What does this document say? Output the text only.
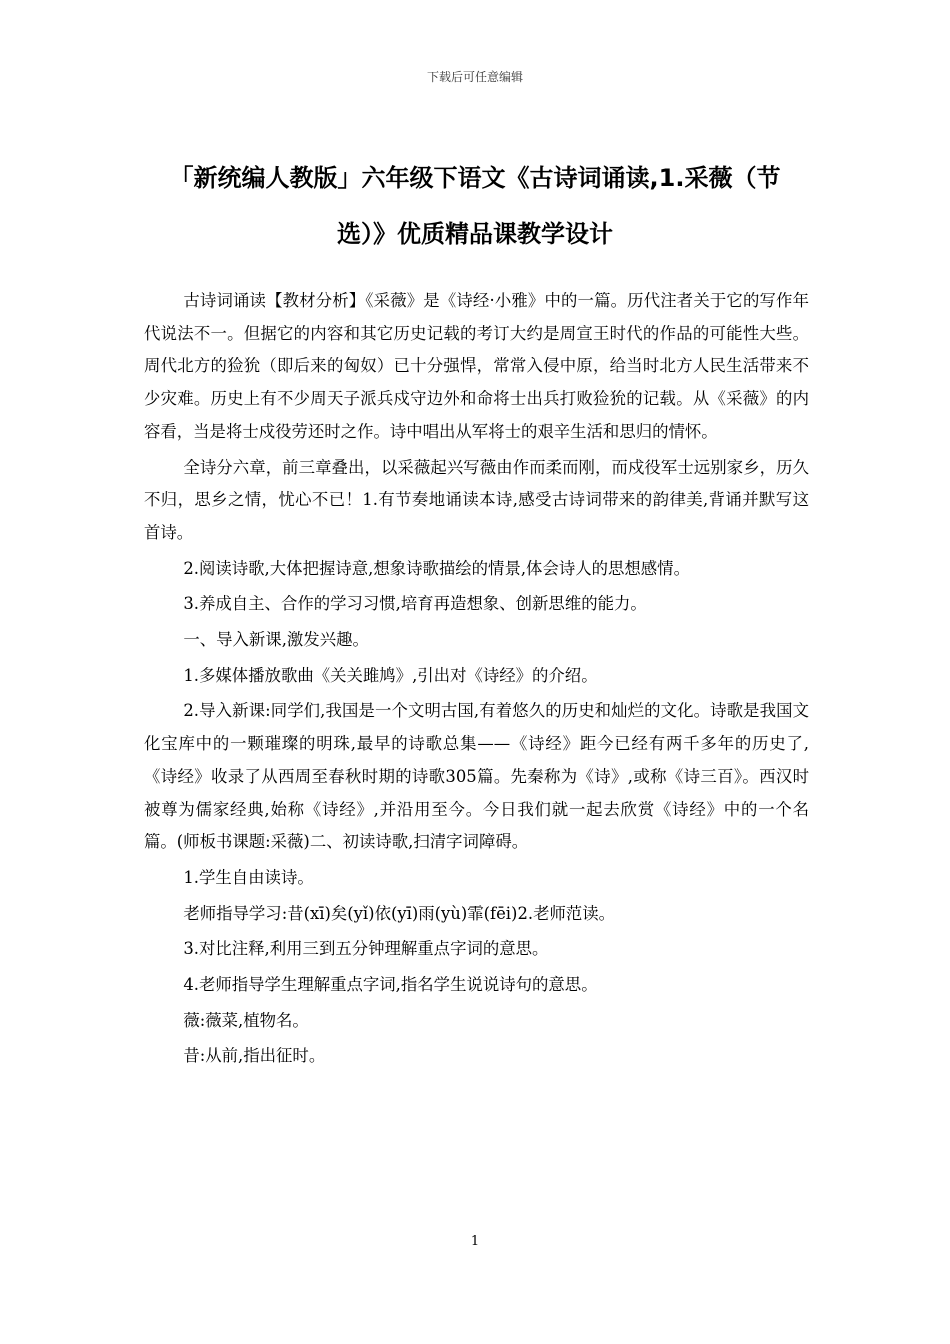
下载后可任意编辑
「新统编人教版」六年级下语文《古诗词诵读,1.采薇（节
选）》优质精品课教学设计

古诗词诵读【教材分析】《采薇》是《诗经·小雅》中的一篇。历代注者关于它的写作年代说法不一。但据它的内容和其它历史记载的考订大约是周宣王时代的作品的可能性大些。周代北方的猃狁（即后来的匈奴）已十分强悍，常常入侵中原，给当时北方人民生活带来不少灾难。历史上有不少周天子派兵戍守边外和命将士出兵打败猃狁的记载。从《采薇》的内容看，当是将士戍役劳还时之作。诗中唱出从军将士的艰辛生活和思归的情怀。

全诗分六章，前三章叠出，以采薇起兴写薇由作而柔而刚，而戍役军士远别家乡，历久不归，思乡之情，忧心不已！1.有节奏地诵读本诗,感受古诗词带来的韵律美,背诵并默写这首诗。

2.阅读诗歌,大体把握诗意,想象诗歌描绘的情景,体会诗人的思想感情。

3.养成自主、合作的学习习惯,培育再造想象、创新思维的能力。

一、导入新课,激发兴趣。

1.多媒体播放歌曲《关关雎鸠》,引出对《诗经》的介绍。

2.导入新课:同学们,我国是一个文明古国,有着悠久的历史和灿烂的文化。诗歌是我国文化宝库中的一颗璀璨的明珠,最早的诗歌总集——《诗经》距今已经有两千多年的历史了,《诗经》收录了从西周至春秋时期的诗歌305篇。先秦称为《诗》,或称《诗三百》。西汉时被尊为儒家经典,始称《诗经》,并沿用至今。今日我们就一起去欣赏《诗经》中的一个名篇。(师板书课题:采薇)二、初读诗歌,扫清字词障碍。

1.学生自由读诗。

老师指导学习:昔(xī)矣(yǐ)依(yī)雨(yù)霏(fēi)2.老师范读。

3.对比注释,利用三到五分钟理解重点字词的意思。

4.老师指导学生理解重点字词,指名学生说说诗句的意思。

薇:薇菜,植物名。

昔:从前,指出征时。

1
